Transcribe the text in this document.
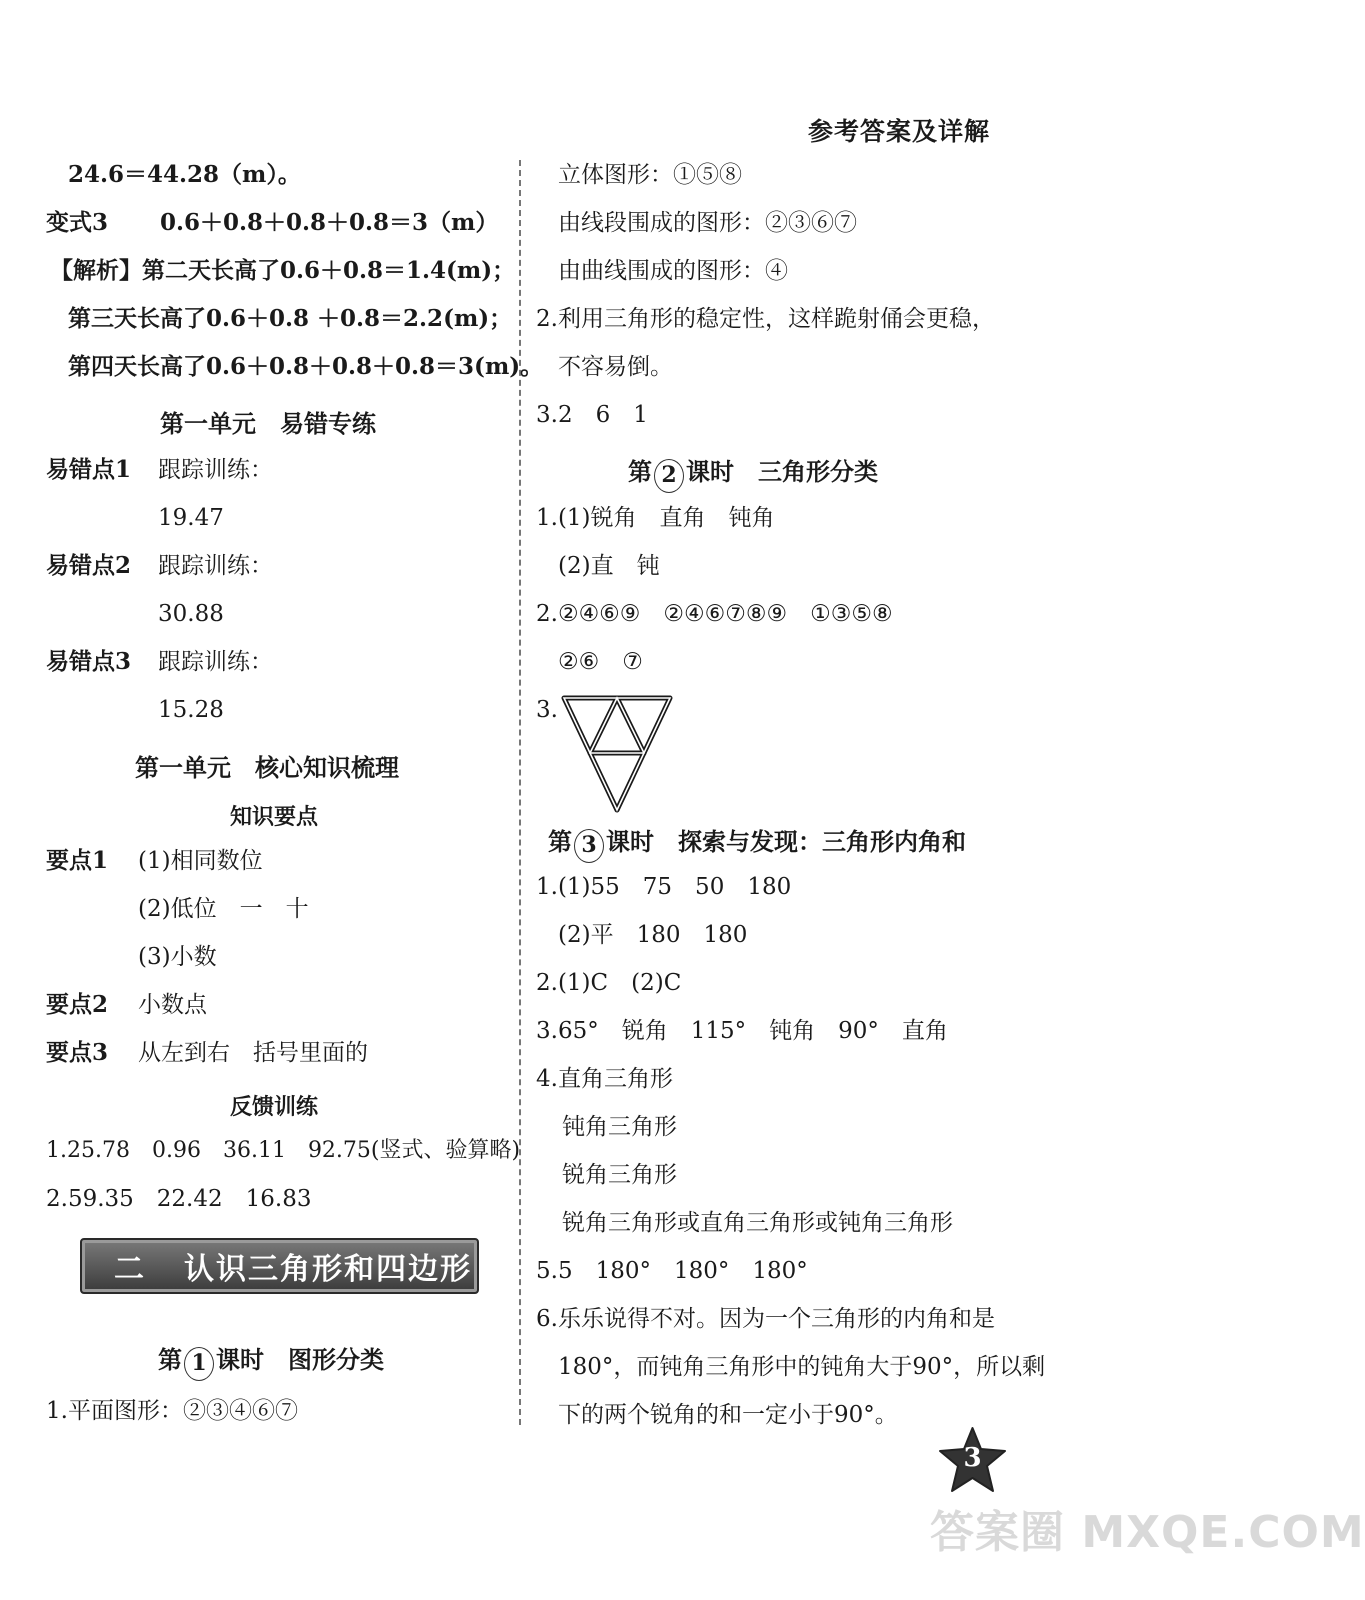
参考答案及详解
24.6＝44.28（m）。
变式3 0.6＋0.8＋0.8＋0.8＝3（m）
【解析】第二天长高了0.6＋0.8＝1.4(m)；
第三天长高了0.6＋0.8 ＋0.8＝2.2(m)；
第四天长高了0.6＋0.8＋0.8＋0.8＝3(m)。
第一单元　易错专练
易错点1 跟踪训练：
19.47
易错点2 跟踪训练：
30.88
易错点3 跟踪训练：
15.28
第一单元　核心知识梳理
知识要点
要点1 (1)相同数位
(2)低位　一　十
(3)小数
要点2 小数点
要点3 从左到右　括号里面的
反馈训练
1.25.78　0.96　36.11　92.75(竖式、验算略)
2.59.35　22.42　16.83
二	认识三角形和四边形
第 1 课时　图形分类
1.平面图形：②③④⑥⑦
立体图形：①⑤⑧
由线段围成的图形：②③⑥⑦
由曲线围成的图形：④
2.利用三角形的稳定性，这样跪射俑会更稳，
不容易倒。
3.2　6　1
第 2 课时　三角形分类
1.(1)锐角　直角　钝角
(2)直　钝
2.②④⑥⑨　②④⑥⑦⑧⑨　①③⑤⑧
②⑥　⑦
3.
第 3 课时　探索与发现：三角形内角和
1.(1)55　75　50　180
(2)平　180　180
2.(1)C　(2)C
3.65°　锐角　115°　钝角　90°　直角
4.直角三角形
钝角三角形
锐角三角形
锐角三角形或直角三角形或钝角三角形
5.5　180°　180°　180°
6.乐乐说得不对。因为一个三角形的内角和是
180°，而钝角三角形中的钝角大于90°，所以剩
下的两个锐角的和一定小于90°。
3
答案圈 MXQE.COM
